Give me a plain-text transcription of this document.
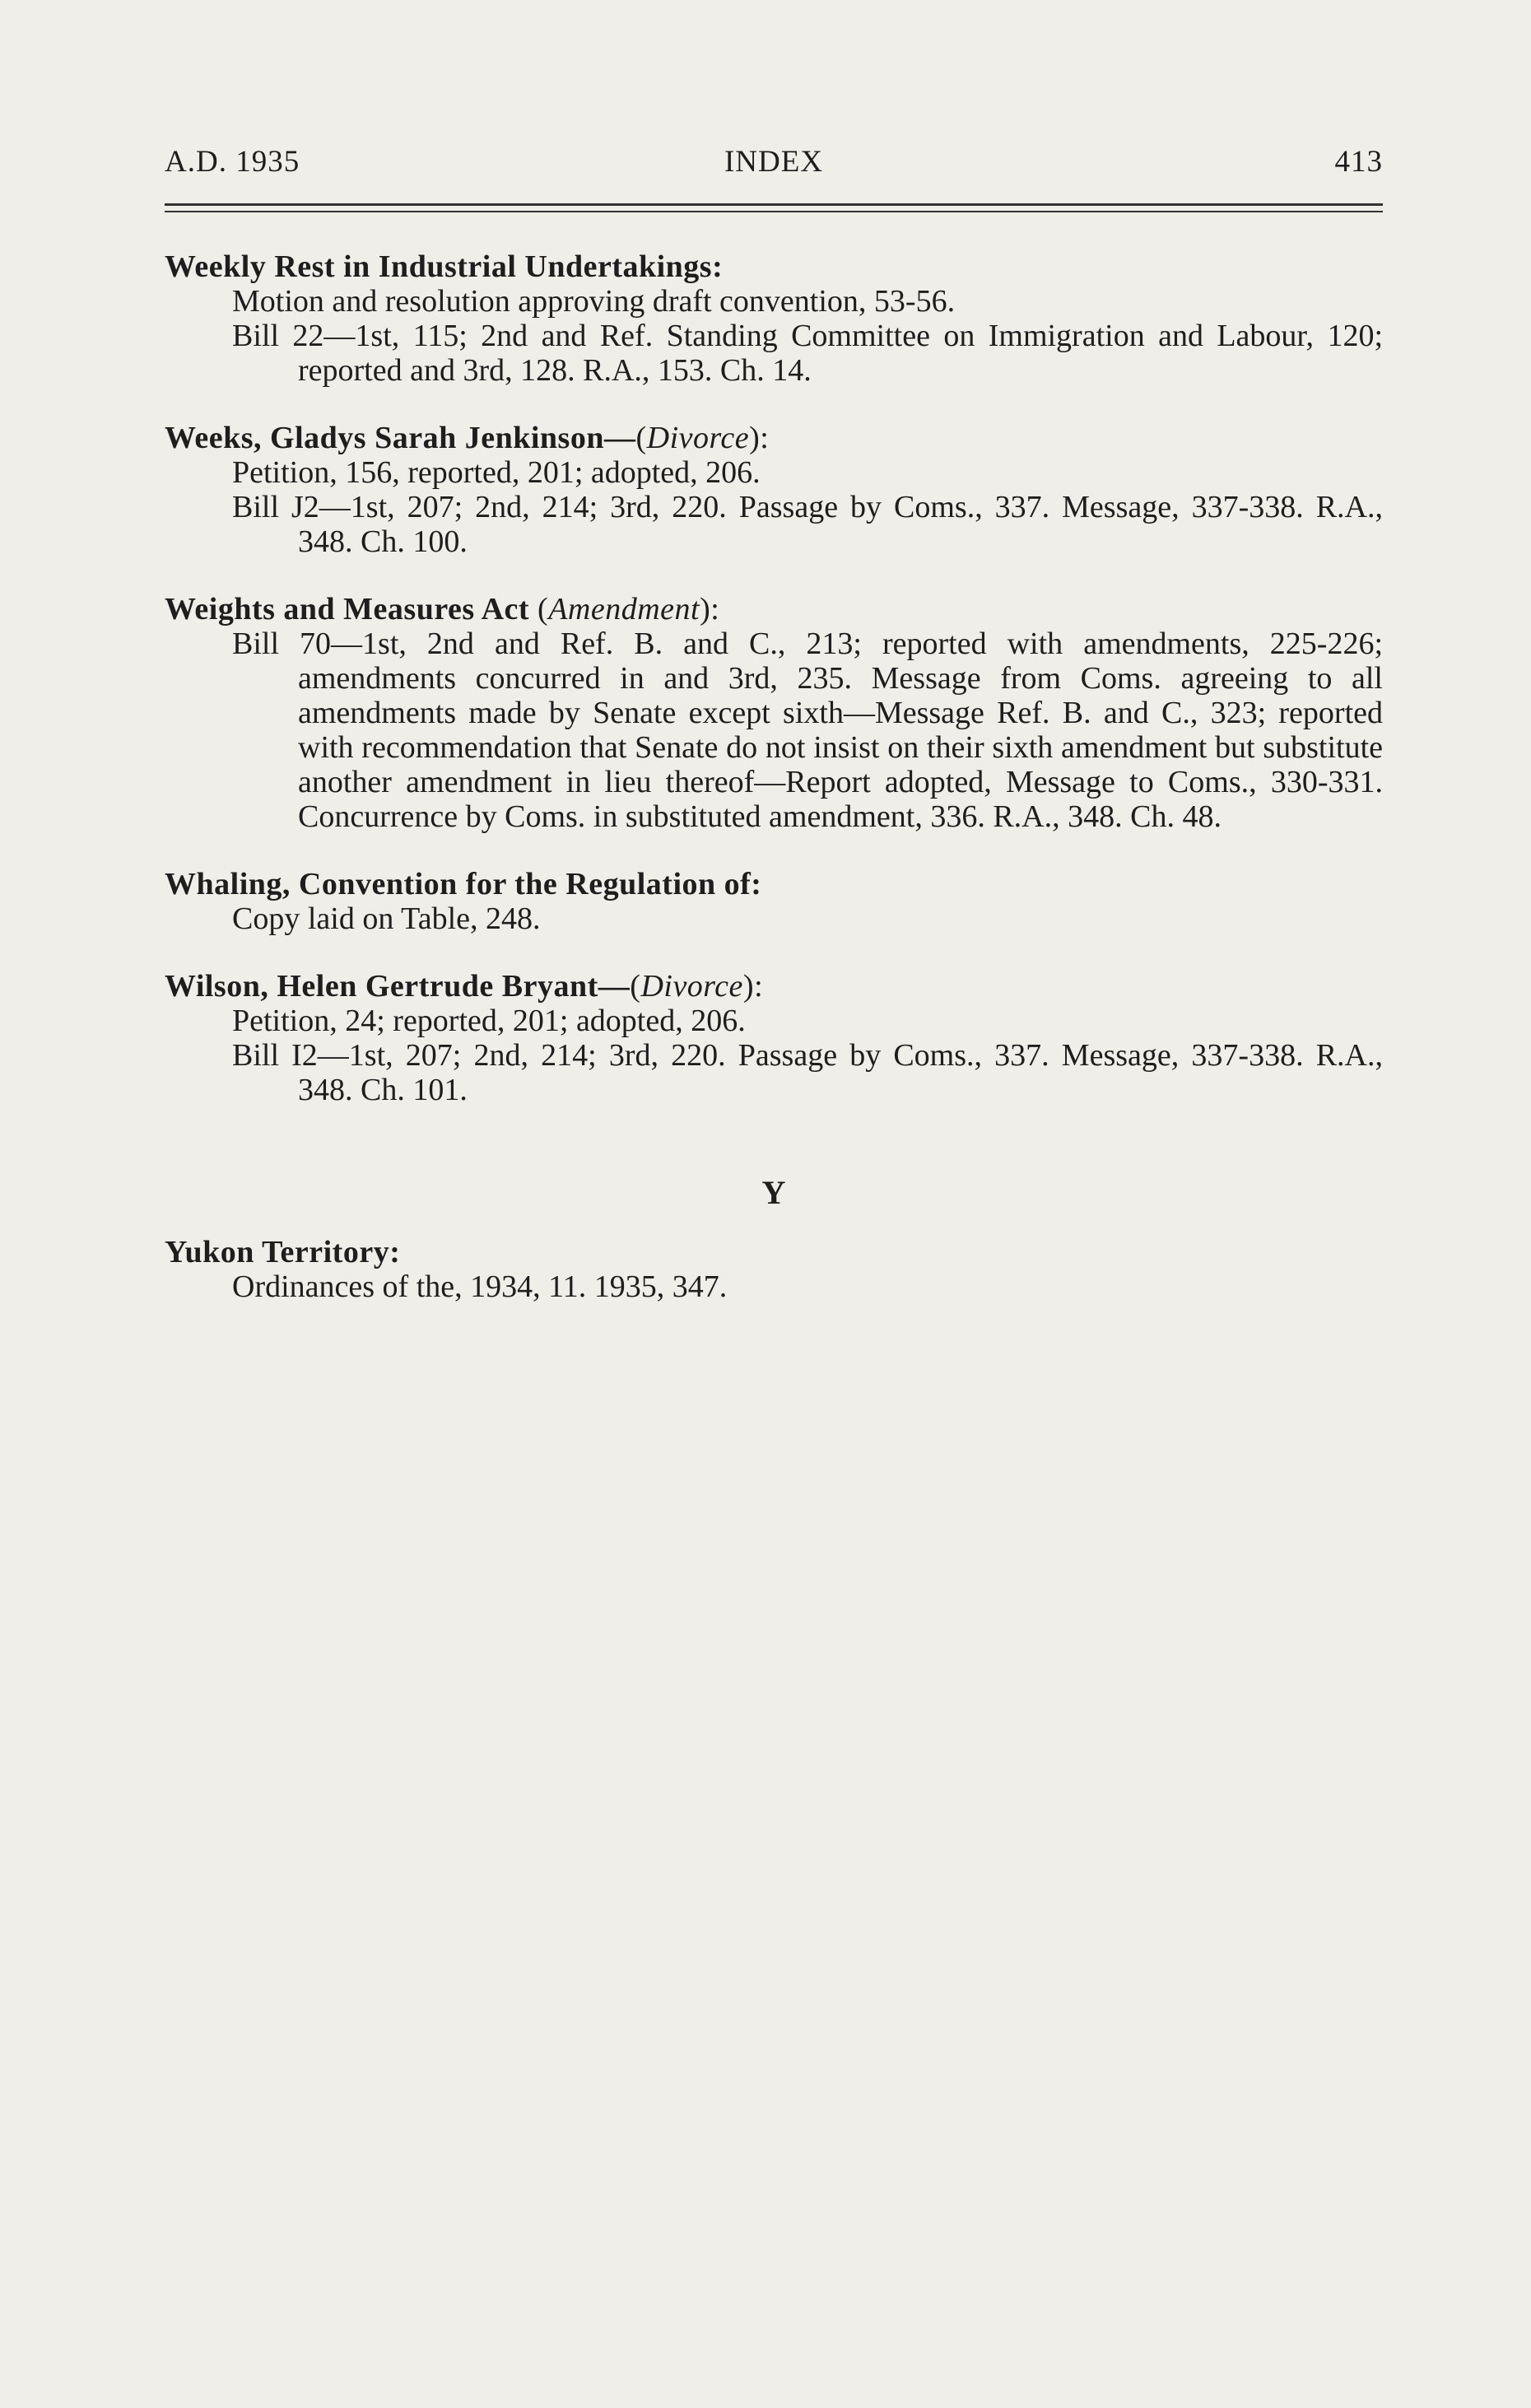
A.D. 1935	INDEX	413
Weekly Rest in Industrial Undertakings:
Motion and resolution approving draft convention, 53-56.
Bill 22—1st, 115; 2nd and Ref. Standing Committee on Immigration and Labour, 120; reported and 3rd, 128. R.A., 153. Ch. 14.
Weeks, Gladys Sarah Jenkinson—(Divorce):
Petition, 156, reported, 201; adopted, 206.
Bill J2—1st, 207; 2nd, 214; 3rd, 220. Passage by Coms., 337. Message, 337-338. R.A., 348. Ch. 100.
Weights and Measures Act (Amendment):
Bill 70—1st, 2nd and Ref. B. and C., 213; reported with amendments, 225-226; amendments concurred in and 3rd, 235. Message from Coms. agreeing to all amendments made by Senate except sixth—Message Ref. B. and C., 323; reported with recommendation that Senate do not insist on their sixth amendment but substitute another amendment in lieu thereof—Report adopted, Message to Coms., 330-331. Concurrence by Coms. in substituted amendment, 336. R.A., 348. Ch. 48.
Whaling, Convention for the Regulation of:
Copy laid on Table, 248.
Wilson, Helen Gertrude Bryant—(Divorce):
Petition, 24; reported, 201; adopted, 206.
Bill I2—1st, 207; 2nd, 214; 3rd, 220. Passage by Coms., 337. Message, 337-338. R.A., 348. Ch. 101.
Y
Yukon Territory:
Ordinances of the, 1934, 11. 1935, 347.
